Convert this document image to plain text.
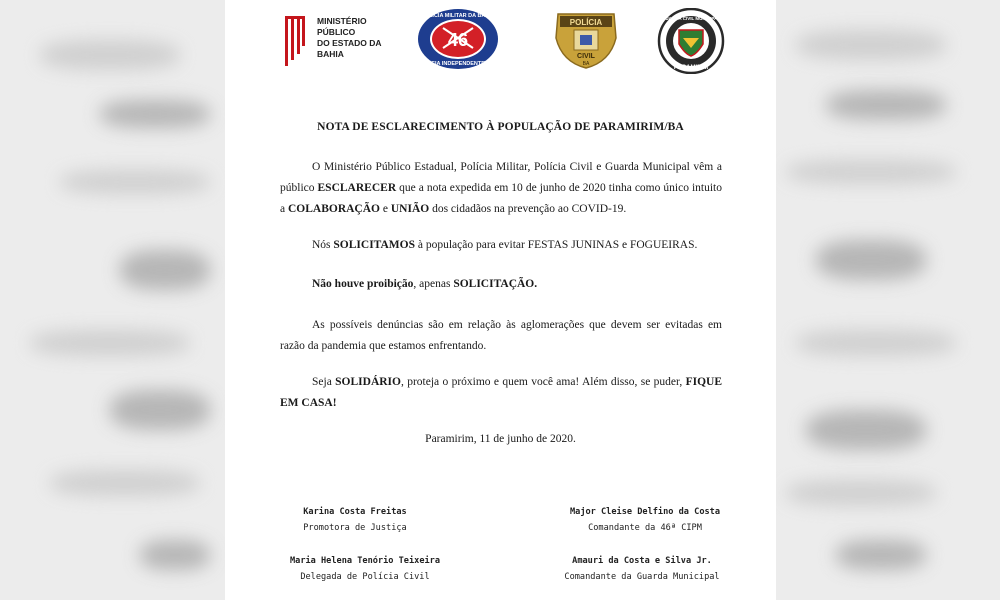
MINISTÉRIO PÚBLICO
DO ESTADO DA BAHIA
46
POLÍCIA MILITAR DA BAHIA
CIA INDEPENDENTE
POLÍCIA
CIVIL
BA
GUARDA CIVIL MUNICIPAL
PARAMIRIM
NOTA DE ESCLARECIMENTO À POPULAÇÃO DE PARAMIRIM/BA
O Ministério Público Estadual, Polícia Militar, Polícia Civil e Guarda Municipal vêm a público ESCLARECER que a nota expedida em 10 de junho de 2020 tinha como único intuito a COLABORAÇÃO e UNIÃO dos cidadãos na prevenção ao COVID-19.
Nós SOLICITAMOS à população para evitar FESTAS JUNINAS e FOGUEIRAS.
Não houve proibição, apenas SOLICITAÇÃO.
As possíveis denúncias são em relação às aglomerações que devem ser evitadas em razão da pandemia que estamos enfrentando.
Seja SOLIDÁRIO, proteja o próximo e quem você ama! Além disso, se puder, FIQUE EM CASA!
Paramirim, 11 de junho de 2020.
Karina Costa Freitas
Promotora de Justiça
Major Cleise Delfino da Costa
Comandante da 46ª CIPM
Maria Helena Tenório Teixeira
Delegada de Polícia Civil
Amauri da Costa e Silva Jr.
Comandante da Guarda Municipal
